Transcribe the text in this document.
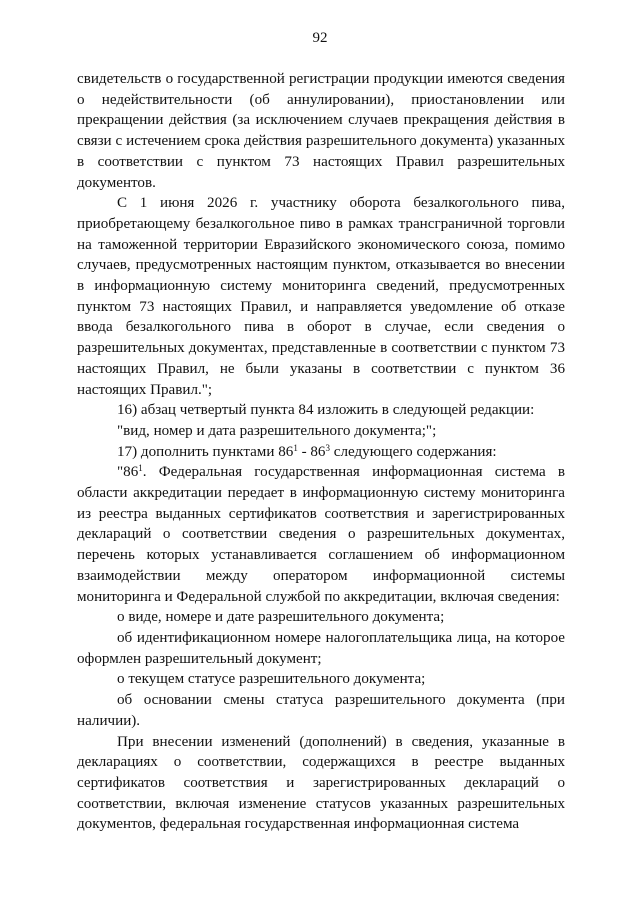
92

свидетельств о государственной регистрации продукции имеются сведения о недействительности (об аннулировании), приостановлении или прекращении действия (за исключением случаев прекращения действия в связи с истечением срока действия разрешительного документа) указанных в соответствии с пунктом 73 настоящих Правил разрешительных документов.

С 1 июня 2026 г. участнику оборота безалкогольного пива, приобретающему безалкогольное пиво в рамках трансграничной торговли на таможенной территории Евразийского экономического союза, помимо случаев, предусмотренных настоящим пунктом, отказывается во внесении в информационную систему мониторинга сведений, предусмотренных пунктом 73 настоящих Правил, и направляется уведомление об отказе ввода безалкогольного пива в оборот в случае, если сведения о разрешительных документах, представленные в соответствии с пунктом 73 настоящих Правил, не были указаны в соответствии с пунктом 36 настоящих Правил.";

16) абзац четвертый пункта 84 изложить в следующей редакции:

"вид, номер и дата разрешительного документа;";

17) дополнить пунктами $86^1 - 86^3$ следующего содержания:

"$86^1$. Федеральная государственная информационная система в области аккредитации передает в информационную систему мониторинга из реестра выданных сертификатов соответствия и зарегистрированных деклараций о соответствии сведения о разрешительных документах, перечень которых устанавливается соглашением об информационном взаимодействии между оператором информационной системы мониторинга и Федеральной службой по аккредитации, включая сведения:

о виде, номере и дате разрешительного документа;

об идентификационном номере налогоплательщика лица, на которое оформлен разрешительный документ;

о текущем статусе разрешительного документа;

об основании смены статуса разрешительного документа (при наличии).

При внесении изменений (дополнений) в сведения, указанные в декларациях о соответствии, содержащихся в реестре выданных сертификатов соответствия и зарегистрированных деклараций о соответствии, включая изменение статусов указанных разрешительных документов, федеральная государственная информационная система
